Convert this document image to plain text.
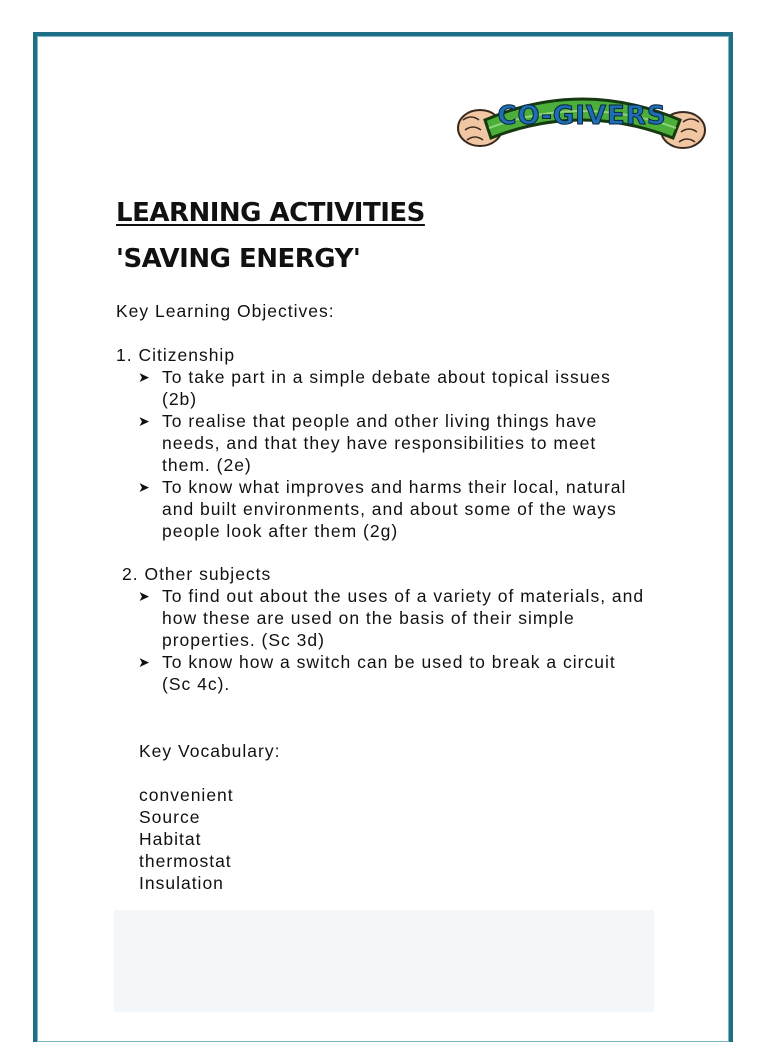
CO-GIVERS
LEARNING ACTIVITIES
'SAVING ENERGY'
Key Learning Objectives:
1. Citizenship
➤ To take part in a simple debate about topical issues (2b)
➤ To realise that people and other living things have needs, and that they have responsibilities to meet them. (2e)
➤ To know what improves and harms their local, natural and built environments, and about some of the ways people look after them (2g)
2. Other subjects
➤ To find out about the uses of a variety of materials, and how these are used on the basis of their simple properties. (Sc 3d)
➤ To know how a switch can be used to break a circuit (Sc 4c).
Key Vocabulary:
convenient
Source
Habitat
thermostat
Insulation
